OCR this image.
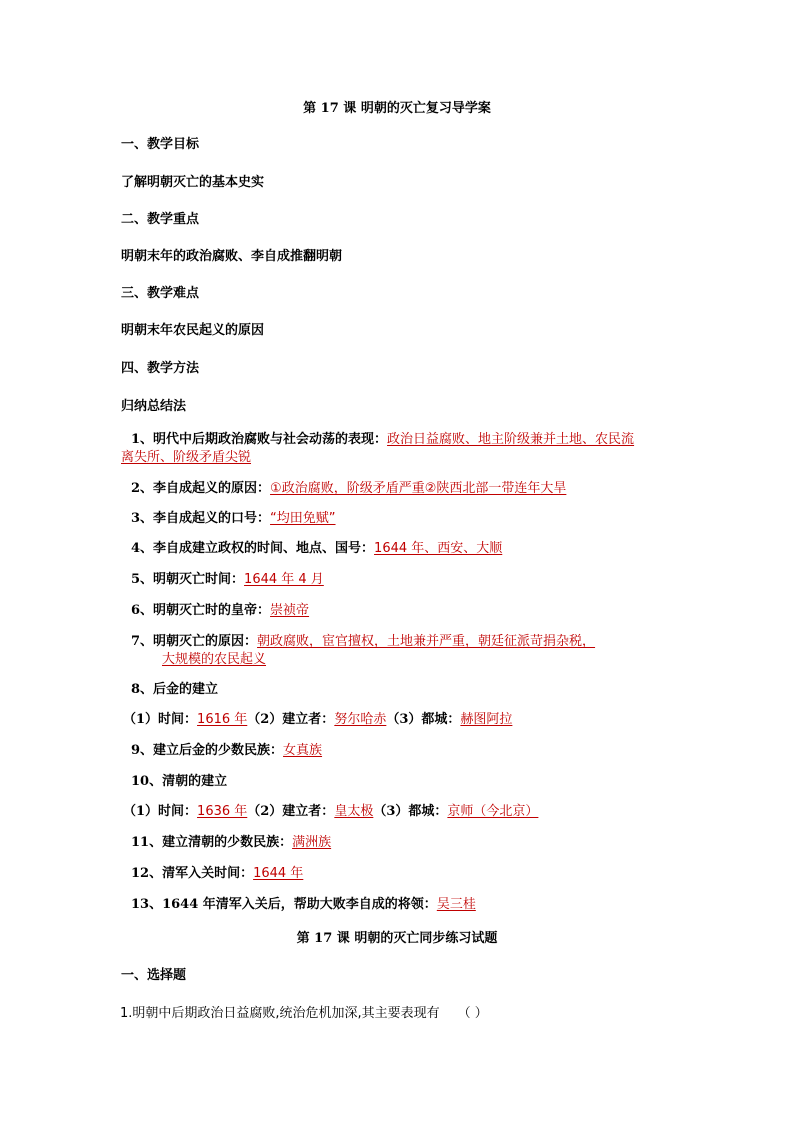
第 17 课 明朝的灭亡复习导学案
一、教学目标
了解明朝灭亡的基本史实
二、教学重点
明朝末年的政治腐败、李自成推翻明朝
三、教学难点
明朝末年农民起义的原因
四、教学方法
归纳总结法
1、明代中后期政治腐败与社会动荡的表现：政治日益腐败、地主阶级兼并土地、农民流
离失所、阶级矛盾尖锐
2、李自成起义的原因：①政治腐败，阶级矛盾严重②陕西北部一带连年大旱
3、李自成起义的口号：“均田免赋”
4、李自成建立政权的时间、地点、国号：1644 年、西安、大顺
5、明朝灭亡时间：1644 年 4 月
6、明朝灭亡时的皇帝：崇祯帝
7、明朝灭亡的原因：朝政腐败，宦官擅权，土地兼并严重，朝廷征派苛捐杂税，
大规模的农民起义
8、后金的建立
（1）时间：1616 年（2）建立者：努尔哈赤（3）都城：赫图阿拉
9、建立后金的少数民族：女真族
10、清朝的建立
（1）时间：1636 年（2）建立者：皇太极（3）都城：京师（今北京）
11、建立清朝的少数民族：满洲族
12、清军入关时间：1644 年
13、1644 年清军入关后，帮助大败李自成的将领：吴三桂
第 17 课 明朝的灭亡同步练习试题
一、选择题
1.明朝中后期政治日益腐败,统治危机加深,其主要表现有 （ ）
